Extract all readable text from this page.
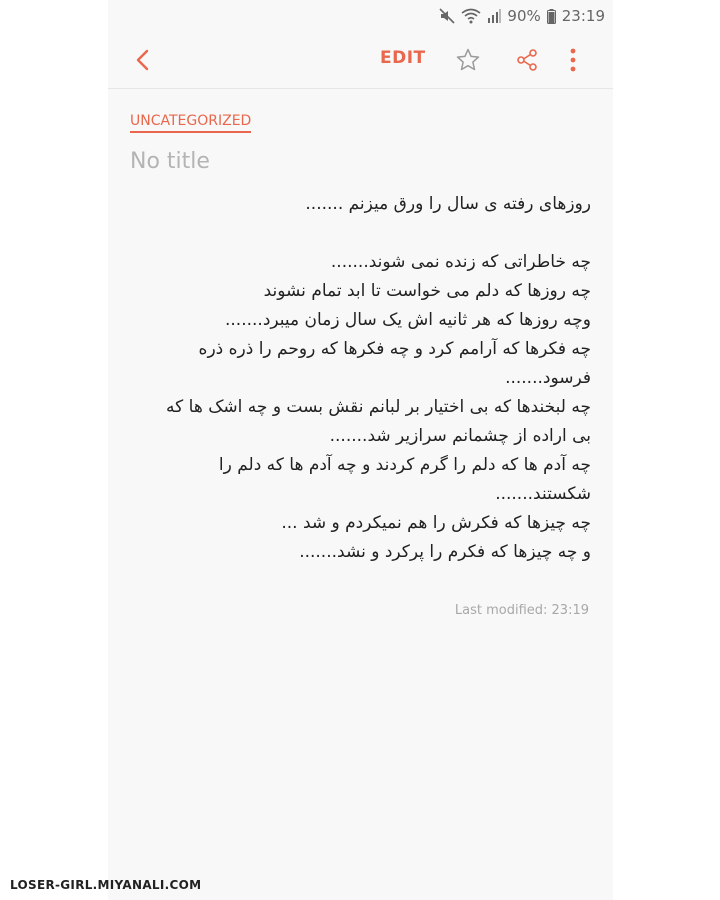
90% 23:19
EDIT
UNCATEGORIZED
No title
روزهای رفته ی سال را ورق میزنم .......
چه خاطراتی که زنده نمی شوند.......
چه روزها که دلم می خواست تا ابد تمام نشوند
وچه روزها که هر ثانیه اش یک سال زمان میبرد.......
چه فکرها که آرامم کرد و چه فکرها که روحم را ذره ذره
فرسود.......
چه لبخندها که بی اختیار بر لبانم نقش بست و چه اشک ها که
بی اراده از چشمانم سرازیر شد.......
چه آدم ها که دلم را گرم کردند و چه آدم ها که دلم را
شکستند.......
چه چیزها که فکرش را هم نمیکردم و شد ...
و چه چیزها که فکرم را پرکرد و نشد.......
Last modified: 23:19
LOSER-GIRL.MIYANALI.COM
